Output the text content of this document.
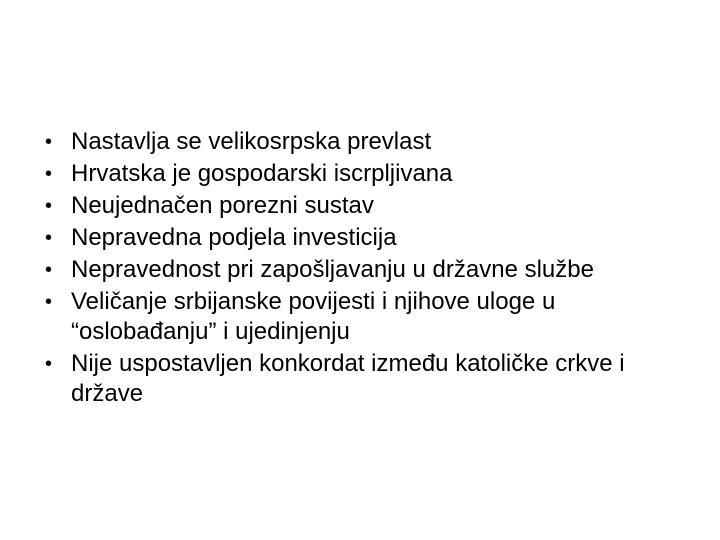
• Nastavlja se velikosrpska prevlast
• Hrvatska je gospodarski iscrpljivana
• Neujednačen porezni sustav
• Nepravedna podjela investicija
• Nepravednost pri zapošljavanju u državne službe
• Veličanje srbijanske povijesti i njihove uloge u “oslobađanju” i ujedinjenju
• Nije uspostavljen konkordat između katoličke crkve i države
